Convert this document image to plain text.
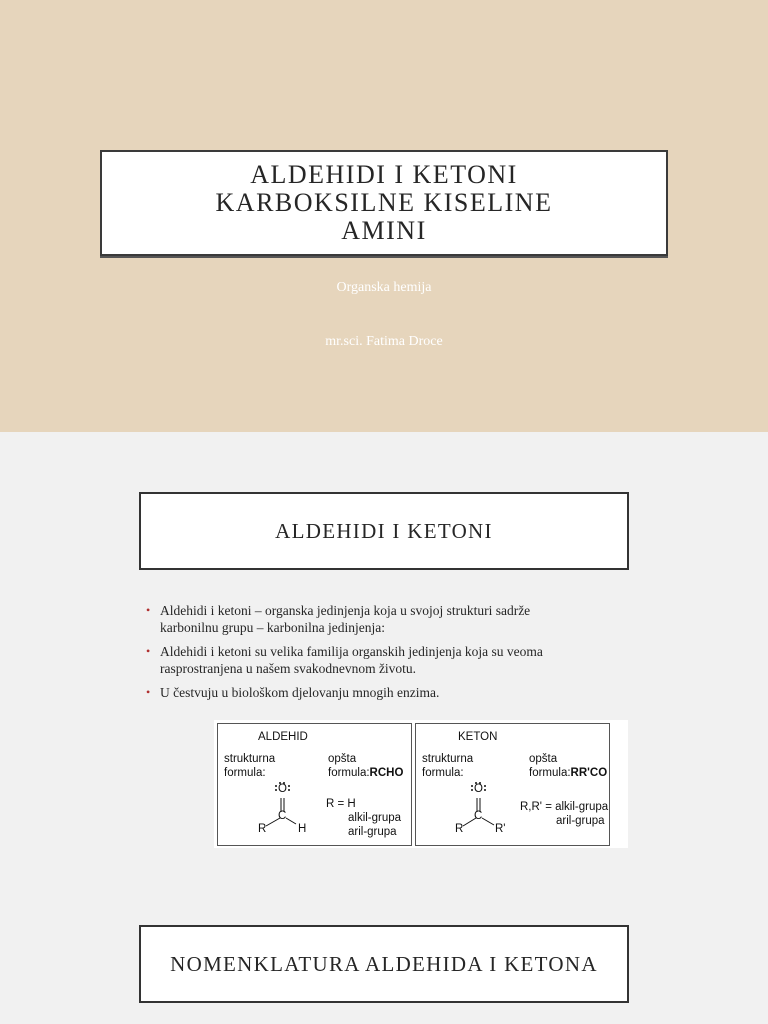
ALDEHIDI I KETONI
KARBOKSILNE KISELINE
AMINI
Organska hemija
mr.sci. Fatima Droce
ALDEHIDI I KETONI
• Aldehidi i ketoni – organska jedinjenja koja u svojoj strukturi sadrže karbonilnu grupu – karbonilna jedinjenja:
• Aldehidi i ketoni su velika familija organskih jedinjenja koja su veoma rasprostranjena u našem svakodnevnom životu.
• U čestvuju u biološkom djelovanju mnogih enzima.
ALDEHID
strukturna
formula:
opšta
formula:RCHO
R = H
alkil-grupa
aril-grupa
O
C
R	H
KETON
strukturna
formula:
opšta
formula:RR'CO
R,R' = alkil-grupa
aril-grupa
O
C
R	R'
NOMENKLATURA ALDEHIDA I KETONA
